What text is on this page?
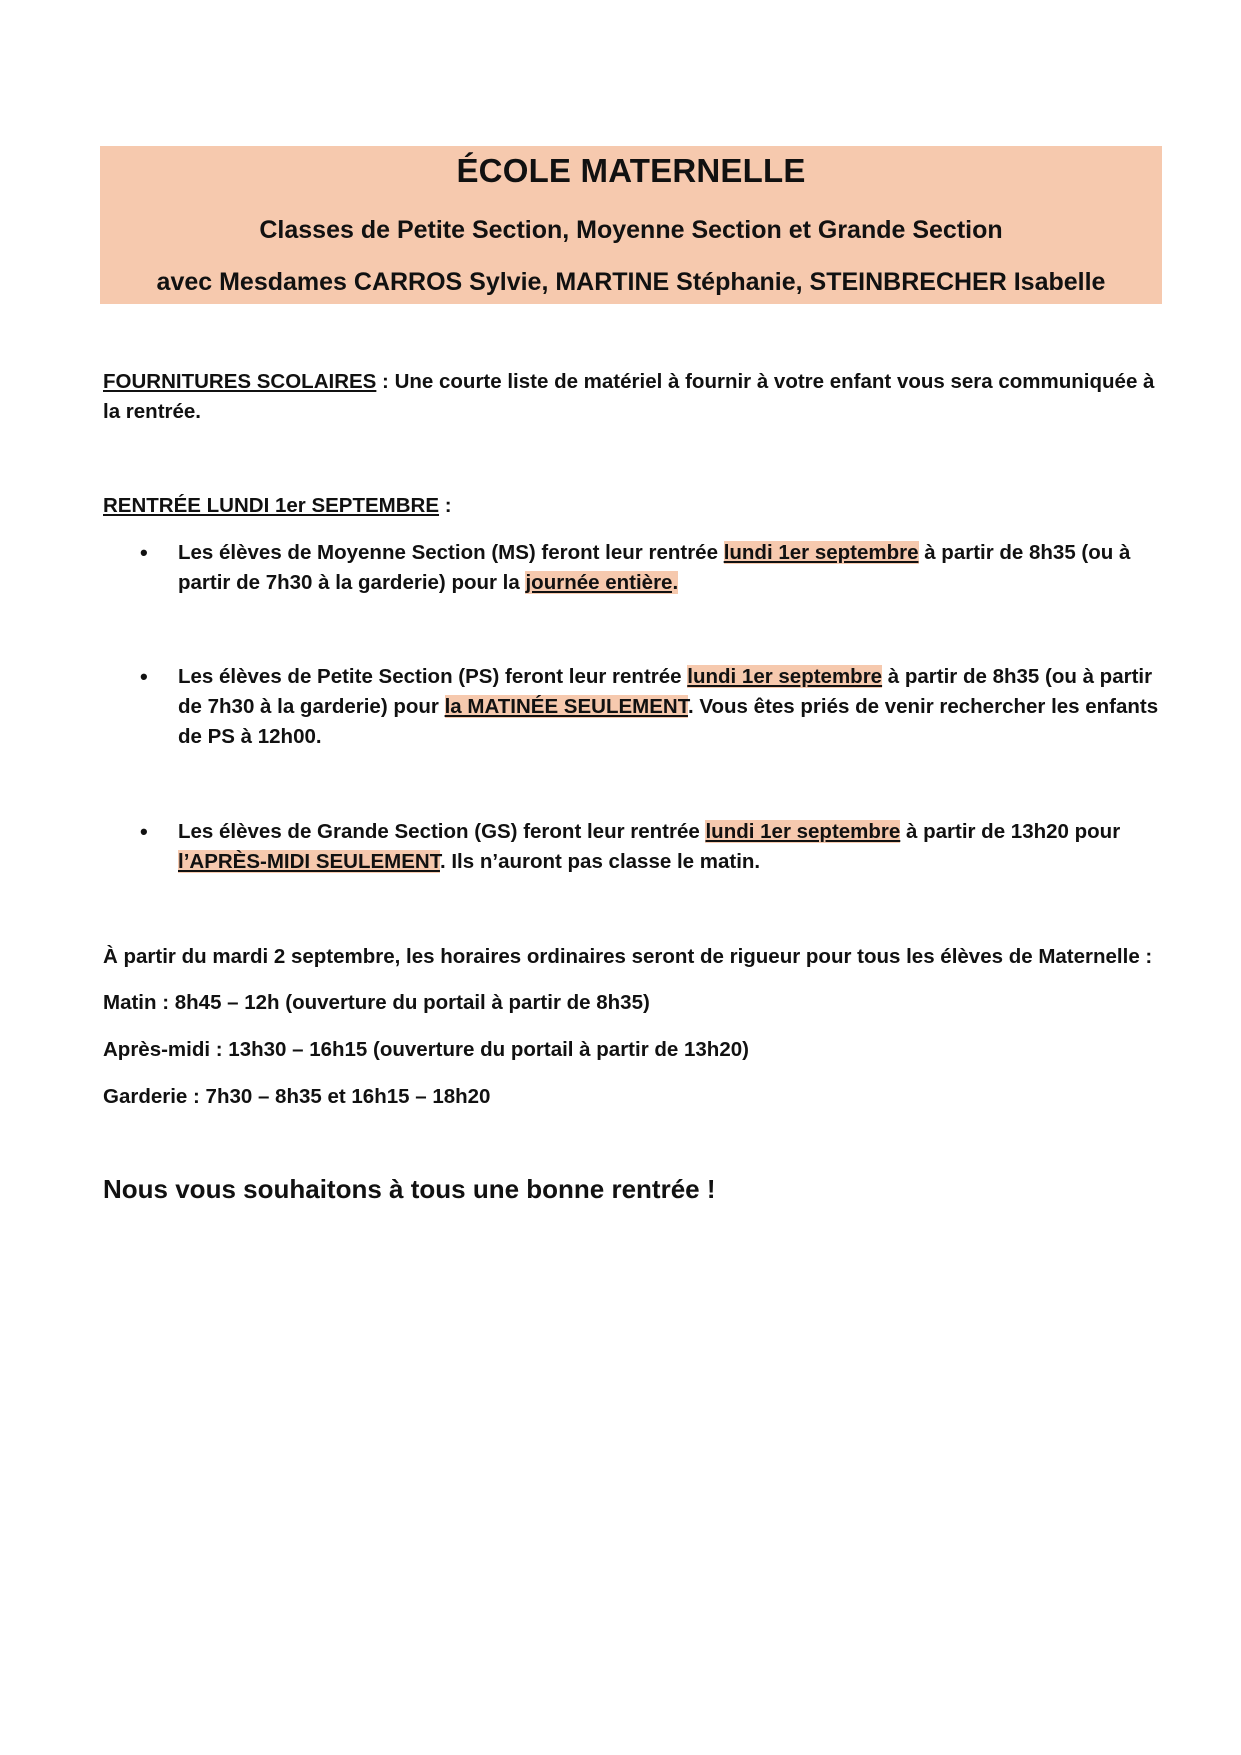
ÉCOLE MATERNELLE
Classes de Petite Section, Moyenne Section et Grande Section
avec Mesdames CARROS Sylvie, MARTINE Stéphanie, STEINBRECHER Isabelle
FOURNITURES SCOLAIRES : Une courte liste de matériel à fournir à votre enfant vous sera communiquée à la rentrée.
RENTRÉE LUNDI 1er SEPTEMBRE :
•	Les élèves de Moyenne Section (MS) feront leur rentrée lundi 1er septembre à partir de 8h35 (ou à partir de 7h30 à la garderie) pour la journée entière.
•	Les élèves de Petite Section (PS) feront leur rentrée lundi 1er septembre à partir de 8h35 (ou à partir de 7h30 à la garderie) pour la MATINÉE SEULEMENT. Vous êtes priés de venir rechercher les enfants de PS à 12h00.
•	Les élèves de Grande Section (GS) feront leur rentrée lundi 1er septembre à partir de 13h20 pour l’APRÈS-MIDI SEULEMENT. Ils n’auront pas classe le matin.
À partir du mardi 2 septembre, les horaires ordinaires seront de rigueur pour tous les élèves de Maternelle :
Matin : 8h45 – 12h (ouverture du portail à partir de 8h35)
Après-midi : 13h30 – 16h15 (ouverture du portail à partir de 13h20)
Garderie : 7h30 – 8h35 et 16h15 – 18h20
Nous vous souhaitons à tous une bonne rentrée !
